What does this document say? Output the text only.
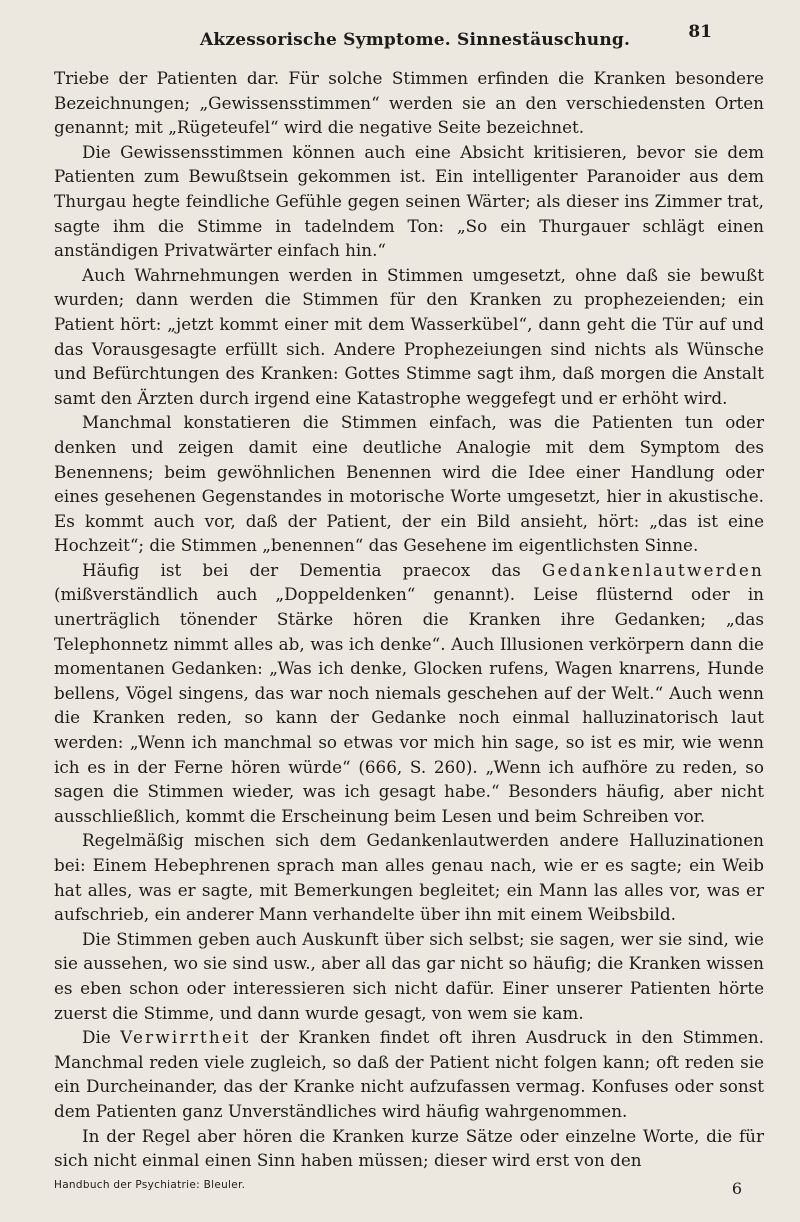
Akzessorische Symptome. Sinnestäuschung.	81

Triebe der Patienten dar. Für solche Stimmen erfinden die Kranken besondere Bezeichnungen; „Gewissensstimmen“ werden sie an den verschiedensten Orten genannt; mit „Rügeteufel“ wird die negative Seite bezeichnet.

Die Gewissensstimmen können auch eine Absicht kritisieren, bevor sie dem Patienten zum Bewußtsein gekommen ist. Ein intelligenter Paranoider aus dem Thurgau hegte feindliche Gefühle gegen seinen Wärter; als dieser ins Zimmer trat, sagte ihm die Stimme in tadelndem Ton: „So ein Thurgauer schlägt einen anständigen Privatwärter einfach hin.“

Auch Wahrnehmungen werden in Stimmen umgesetzt, ohne daß sie bewußt wurden; dann werden die Stimmen für den Kranken zu prophezeienden; ein Patient hört: „jetzt kommt einer mit dem Wasserkübel“, dann geht die Tür auf und das Vorausgesagte erfüllt sich. Andere Prophezeiungen sind nichts als Wünsche und Befürchtungen des Kranken: Gottes Stimme sagt ihm, daß morgen die Anstalt samt den Ärzten durch irgend eine Katastrophe weggefegt und er erhöht wird.

Manchmal konstatieren die Stimmen einfach, was die Patienten tun oder denken und zeigen damit eine deutliche Analogie mit dem Symptom des Benennens; beim gewöhnlichen Benennen wird die Idee einer Handlung oder eines gesehenen Gegenstandes in motorische Worte umgesetzt, hier in akustische. Es kommt auch vor, daß der Patient, der ein Bild ansieht, hört: „das ist eine Hochzeit“; die Stimmen „benennen“ das Gesehene im eigentlichsten Sinne.

Häufig ist bei der Dementia praecox das Gedankenlautwerden (mißverständlich auch „Doppeldenken“ genannt). Leise flüsternd oder in unerträglich tönender Stärke hören die Kranken ihre Gedanken; „das Telephonnetz nimmt alles ab, was ich denke“. Auch Illusionen verkörpern dann die momentanen Gedanken: „Was ich denke, Glocken rufens, Wagen knarrens, Hunde bellens, Vögel singens, das war noch niemals geschehen auf der Welt.“ Auch wenn die Kranken reden, so kann der Gedanke noch einmal halluzinatorisch laut werden: „Wenn ich manchmal so etwas vor mich hin sage, so ist es mir, wie wenn ich es in der Ferne hören würde“ (666, S. 260). „Wenn ich aufhöre zu reden, so sagen die Stimmen wieder, was ich gesagt habe.“ Besonders häufig, aber nicht ausschließlich, kommt die Erscheinung beim Lesen und beim Schreiben vor.

Regelmäßig mischen sich dem Gedankenlautwerden andere Halluzinationen bei: Einem Hebephrenen sprach man alles genau nach, wie er es sagte; ein Weib hat alles, was er sagte, mit Bemerkungen begleitet; ein Mann las alles vor, was er aufschrieb, ein anderer Mann verhandelte über ihn mit einem Weibsbild.

Die Stimmen geben auch Auskunft über sich selbst; sie sagen, wer sie sind, wie sie aussehen, wo sie sind usw., aber all das gar nicht so häufig; die Kranken wissen es eben schon oder interessieren sich nicht dafür. Einer unserer Patienten hörte zuerst die Stimme, und dann wurde gesagt, von wem sie kam.

Die Verwirrtheit der Kranken findet oft ihren Ausdruck in den Stimmen. Manchmal reden viele zugleich, so daß der Patient nicht folgen kann; oft reden sie ein Durcheinander, das der Kranke nicht aufzufassen vermag. Konfuses oder sonst dem Patienten ganz Unverständliches wird häufig wahrgenommen.

In der Regel aber hören die Kranken kurze Sätze oder einzelne Worte, die für sich nicht einmal einen Sinn haben müssen; dieser wird erst von den

Handbuch der Psychiatrie: Bleuler.	6
